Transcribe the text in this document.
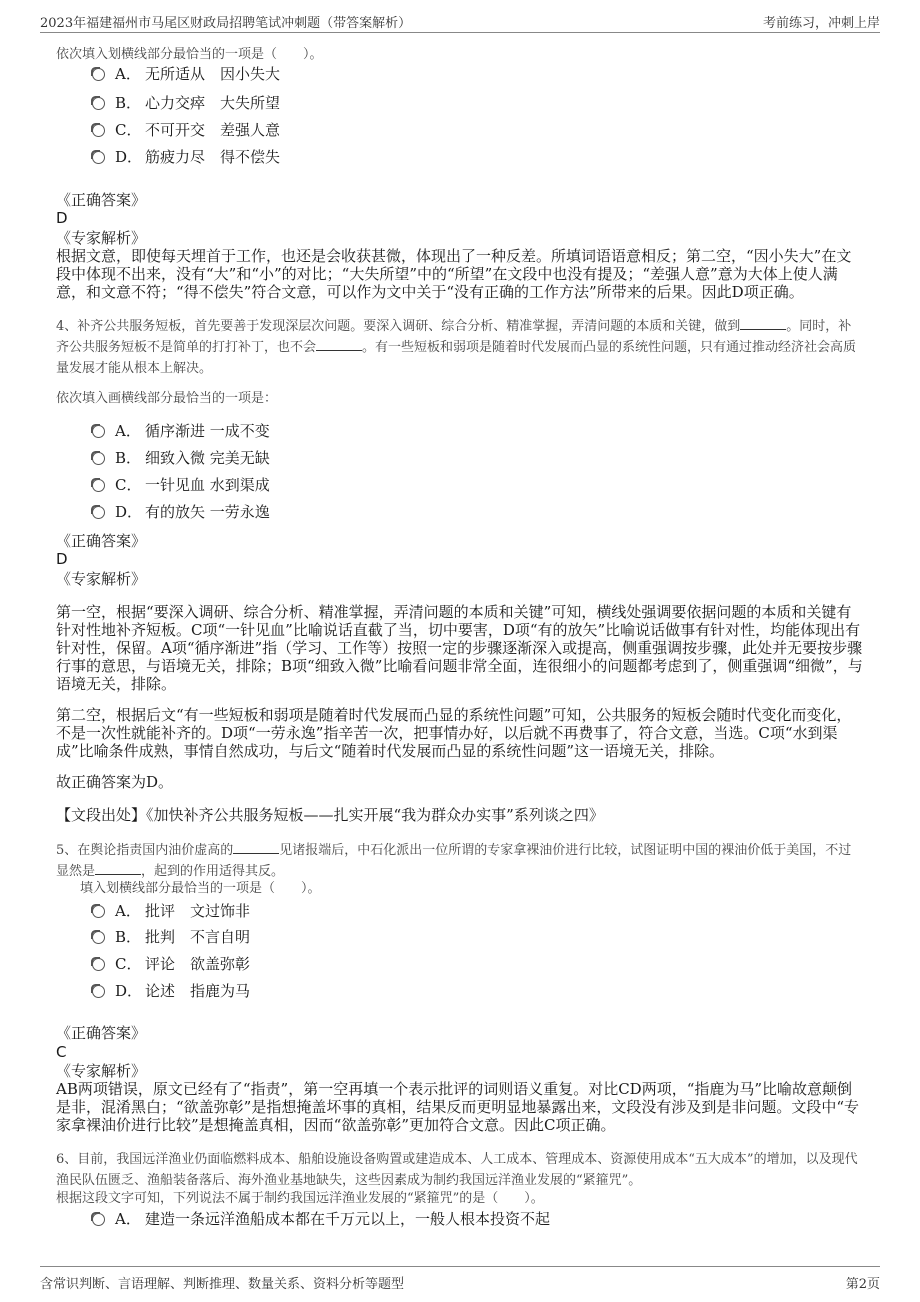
2023年福建福州市马尾区财政局招聘笔试冲刺题（带答案解析）	考前练习，冲刺上岸
依次填入划横线部分最恰当的一项是（　　）。
A． 无所适从　因小失大
B． 心力交瘁　大失所望
C． 不可开交　差强人意
D． 筋疲力尽　得不偿失
《正确答案》
D
《专家解析》
根据文意，即使每天埋首于工作，也还是会收获甚微，体现出了一种反差。所填词语语意相反；第二空，“因小失大”在文段中体现不出来，没有“大”和“小”的对比；“大失所望”中的“所望”在文段中也没有提及；“差强人意”意为大体上使人满意，和文意不符；“得不偿失”符合文意，可以作为文中关于“没有正确的工作方法”所带来的后果。因此D项正确。
4、补齐公共服务短板，首先要善于发现深层次问题。要深入调研、综合分析、精准掌握，弄清问题的本质和关键，做到	。同时，补齐公共服务短板不是简单的打打补丁，也不会	。有一些短板和弱项是随着时代发展而凸显的系统性问题，只有通过推动经济社会高质量发展才能从根本上解决。
依次填入画横线部分最恰当的一项是：
A． 循序渐进 一成不变
B． 细致入微 完美无缺
C． 一针见血 水到渠成
D． 有的放矢 一劳永逸
《正确答案》
D
《专家解析》
第一空，根据“要深入调研、综合分析、精准掌握，弄清问题的本质和关键”可知，横线处强调要依据问题的本质和关键有针对性地补齐短板。C项“一针见血”比喻说话直截了当，切中要害，D项“有的放矢”比喻说话做事有针对性，均能体现出有针对性，保留。A项“循序渐进”指（学习、工作等）按照一定的步骤逐渐深入或提高，侧重强调按步骤，此处并无要按步骤行事的意思，与语境无关，排除；B项“细致入微”比喻看问题非常全面，连很细小的问题都考虑到了，侧重强调“细微”，与语境无关，排除。
第二空，根据后文“有一些短板和弱项是随着时代发展而凸显的系统性问题”可知，公共服务的短板会随时代变化而变化，不是一次性就能补齐的。D项“一劳永逸”指辛苦一次，把事情办好，以后就不再费事了，符合文意，当选。C项“水到渠成”比喻条件成熟，事情自然成功，与后文“随着时代发展而凸显的系统性问题”这一语境无关，排除。
故正确答案为D。
【文段出处】《加快补齐公共服务短板——扎实开展“我为群众办实事”系列谈之四》
5、在舆论指责国内油价虚高的	见诸报端后，中石化派出一位所谓的专家拿裸油价进行比较，试图证明中国的裸油价低于美国，不过显然是	，起到的作用适得其反。
填入划横线部分最恰当的一项是（　　）。
A． 批评　文过饰非
B． 批判　不言自明
C． 评论　欲盖弥彰
D． 论述　指鹿为马
《正确答案》
C
《专家解析》
AB两项错误，原文已经有了“指责”，第一空再填一个表示批评的词则语义重复。对比CD两项，“指鹿为马”比喻故意颠倒是非，混淆黑白；“欲盖弥彰”是指想掩盖坏事的真相，结果反而更明显地暴露出来，文段没有涉及到是非问题。文段中“专家拿裸油价进行比较”是想掩盖真相，因而“欲盖弥彰”更加符合文意。因此C项正确。
6、目前，我国远洋渔业仍面临燃料成本、船舶设施设备购置或建造成本、人工成本、管理成本、资源使用成本“五大成本”的增加，以及现代渔民队伍匮乏、渔船装备落后、海外渔业基地缺失，这些因素成为制约我国远洋渔业发展的“紧箍咒”。
根据这段文字可知，下列说法不属于制约我国远洋渔业发展的“紧箍咒”的是（　　）。
A． 建造一条远洋渔船成本都在千万元以上，一般人根本投资不起
含常识判断、言语理解、判断推理、数量关系、资料分析等题型	第2页
